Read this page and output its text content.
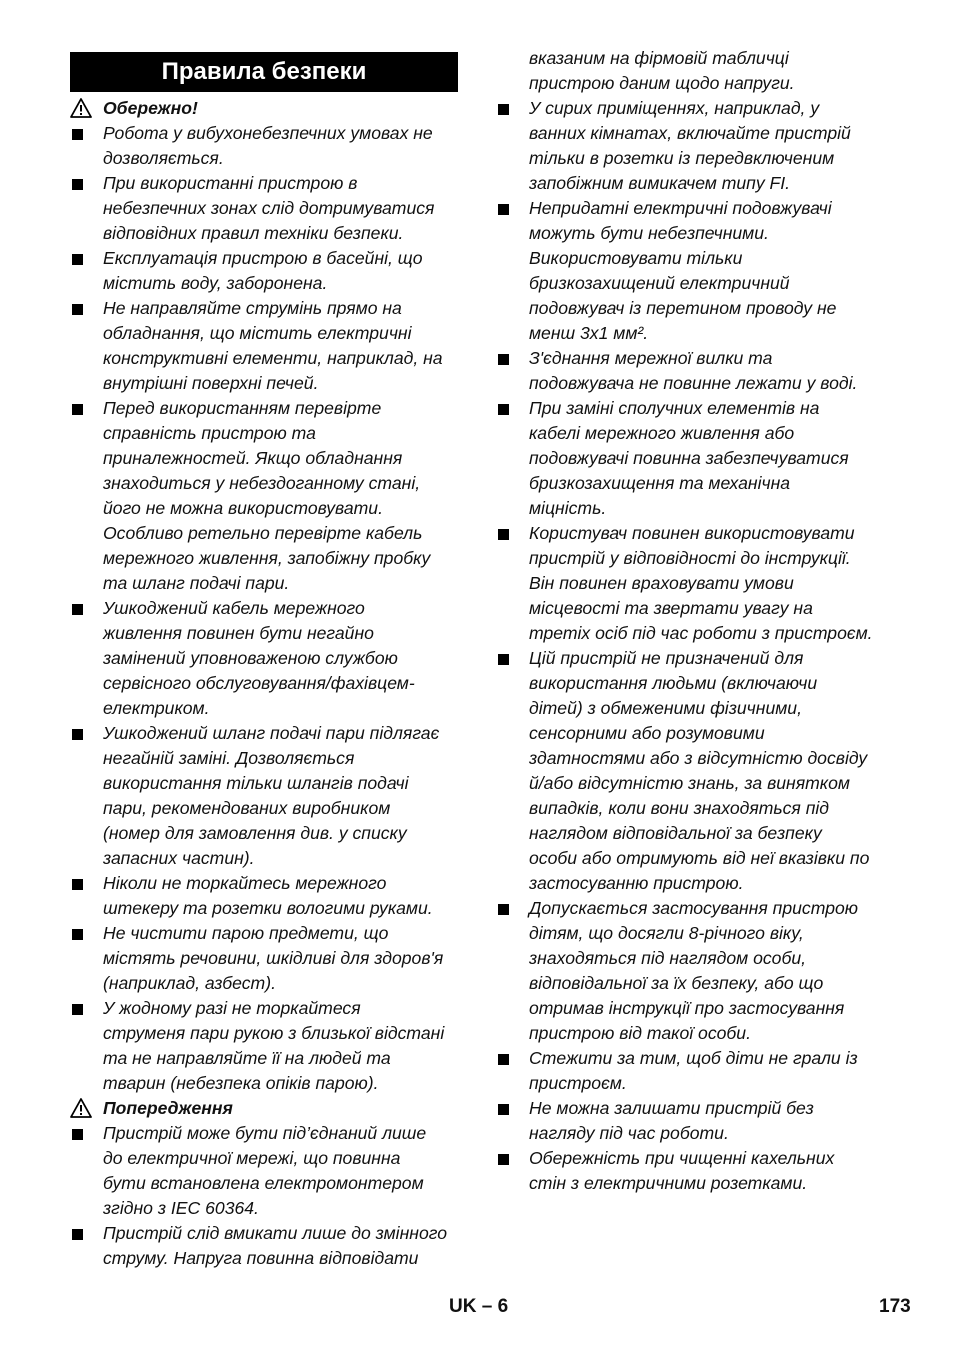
Правила безпеки
Обережно!
Робота у вибухонебезпечних умовах не
дозволяється.
При використанні пристрою в
небезпечних зонах слід дотримуватися
відповідних правил техніки безпеки.
Експлуатація пристрою в басейні, що
містить воду, заборонена.
Не направляйте струмінь прямо на
обладнання, що містить електричні
конструктивні елементи, наприклад, на
внутрішні поверхні печей.
Перед використанням перевірте
справність пристрою та
приналежностей. Якщо обладнання
знаходиться у небездоганному стані,
його не можна використовувати.
Особливо ретельно перевірте кабель
мережного живлення, запобіжну пробку
та шланг подачі пари.
Ушкоджений кабель мережного
живлення повинен бути негайно
замінений уповноваженою службою
сервісного обслуговування/фахівцем-
електриком.
Ушкоджений шланг подачі пари підлягає
негайній заміні. Дозволяється
використання тільки шлангів подачі
пари, рекомендованих виробником
(номер для замовлення див. у списку
запасних частин).
Ніколи не торкайтесь мережного
штекеру та розетки вологими руками.
Не чистити парою предмети, що
містять речовини, шкідливі для здоров'я
(наприклад, азбест).
У жодному разі не торкайтеся
струменя пари рукою з близької відстані
та не направляйте її на людей та
тварин (небезпека опіків парою).
Попередження
Пристрій може бути під’єднаний лише
до електричної мережі, що повинна
бути встановлена електромонтером
згідно з IEC 60364.
Пристрій слід вмикати лише до змінного
струму. Напруга повинна відповідати
вказаним на фірмовій табличці
пристрою даним щодо напруги.
У сирих приміщеннях, наприклад, у
ванних кімнатах, включайте пристрій
тільки в розетки із передвключеним
запобіжним вимикачем типу FI.
Непридатні електричні подовжувачі
можуть бути небезпечними.
Використовувати тільки
бризкозахищений електричний
подовжувач із перетином проводу не
менш 3х1 мм².
З'єднання мережної вилки та
подовжувача не повинне лежати у воді.
При заміні сполучних елементів на
кабелі мережного живлення або
подовжувачі повинна забезпечуватися
бризкозахищення та механічна
міцність.
Користувач повинен використовувати
пристрій у відповідності до інструкції.
Він повинен враховувати умови
місцевості та звертати увагу на
третіх осіб під час роботи з пристроєм.
Цій пристрій не призначений для
використання людьми (включаючи
дітей) з обмеженими фізичними,
сенсорними або розумовими
здатностями або з відсутністю досвіду
й/або відсутністю знань, за винятком
випадків, коли вони знаходяться під
наглядом відповідальної за безпеку
особи або отримують від неї вказівки по
застосуванню пристрою.
Допускається застосування пристрою
дітям, що досягли 8-річного віку,
знаходяться під наглядом особи,
відповідальної за їх безпеку, або що
отримав інструкції про застосування
пристрою від такої особи.
Стежити за тим, щоб діти не грали із
пристроєм.
Не можна залишати пристрій без
нагляду під час роботи.
Обережність при чищенні кахельних
стін з електричними розетками.
UK – 6	173
